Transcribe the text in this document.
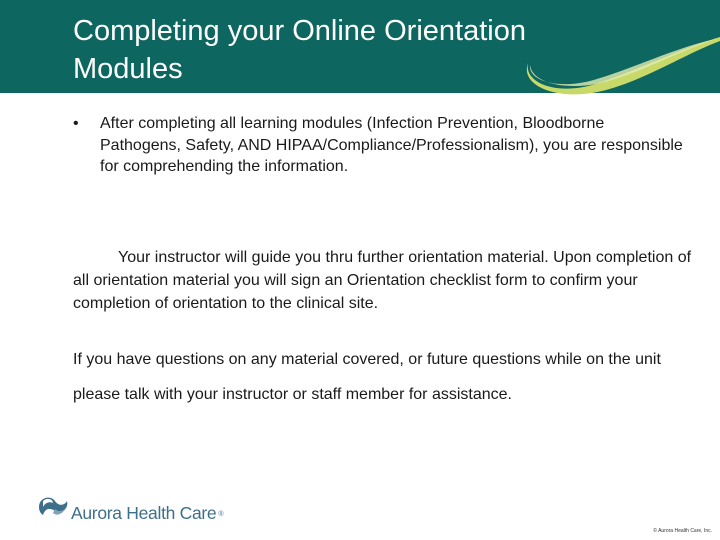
Completing your Online Orientation Modules
• After completing all learning modules (Infection Prevention, Bloodborne Pathogens, Safety, AND HIPAA/Compliance/Professionalism), you are responsible for comprehending the information.

Your instructor will guide you thru further orientation material. Upon completion of all orientation material you will sign an Orientation checklist form to confirm your completion of orientation to the clinical site.

If you have questions on any material covered, or future questions while on the unit please talk with your instructor or staff member for assistance.

Aurora Health Care ®
© Aurora Health Care, Inc.
